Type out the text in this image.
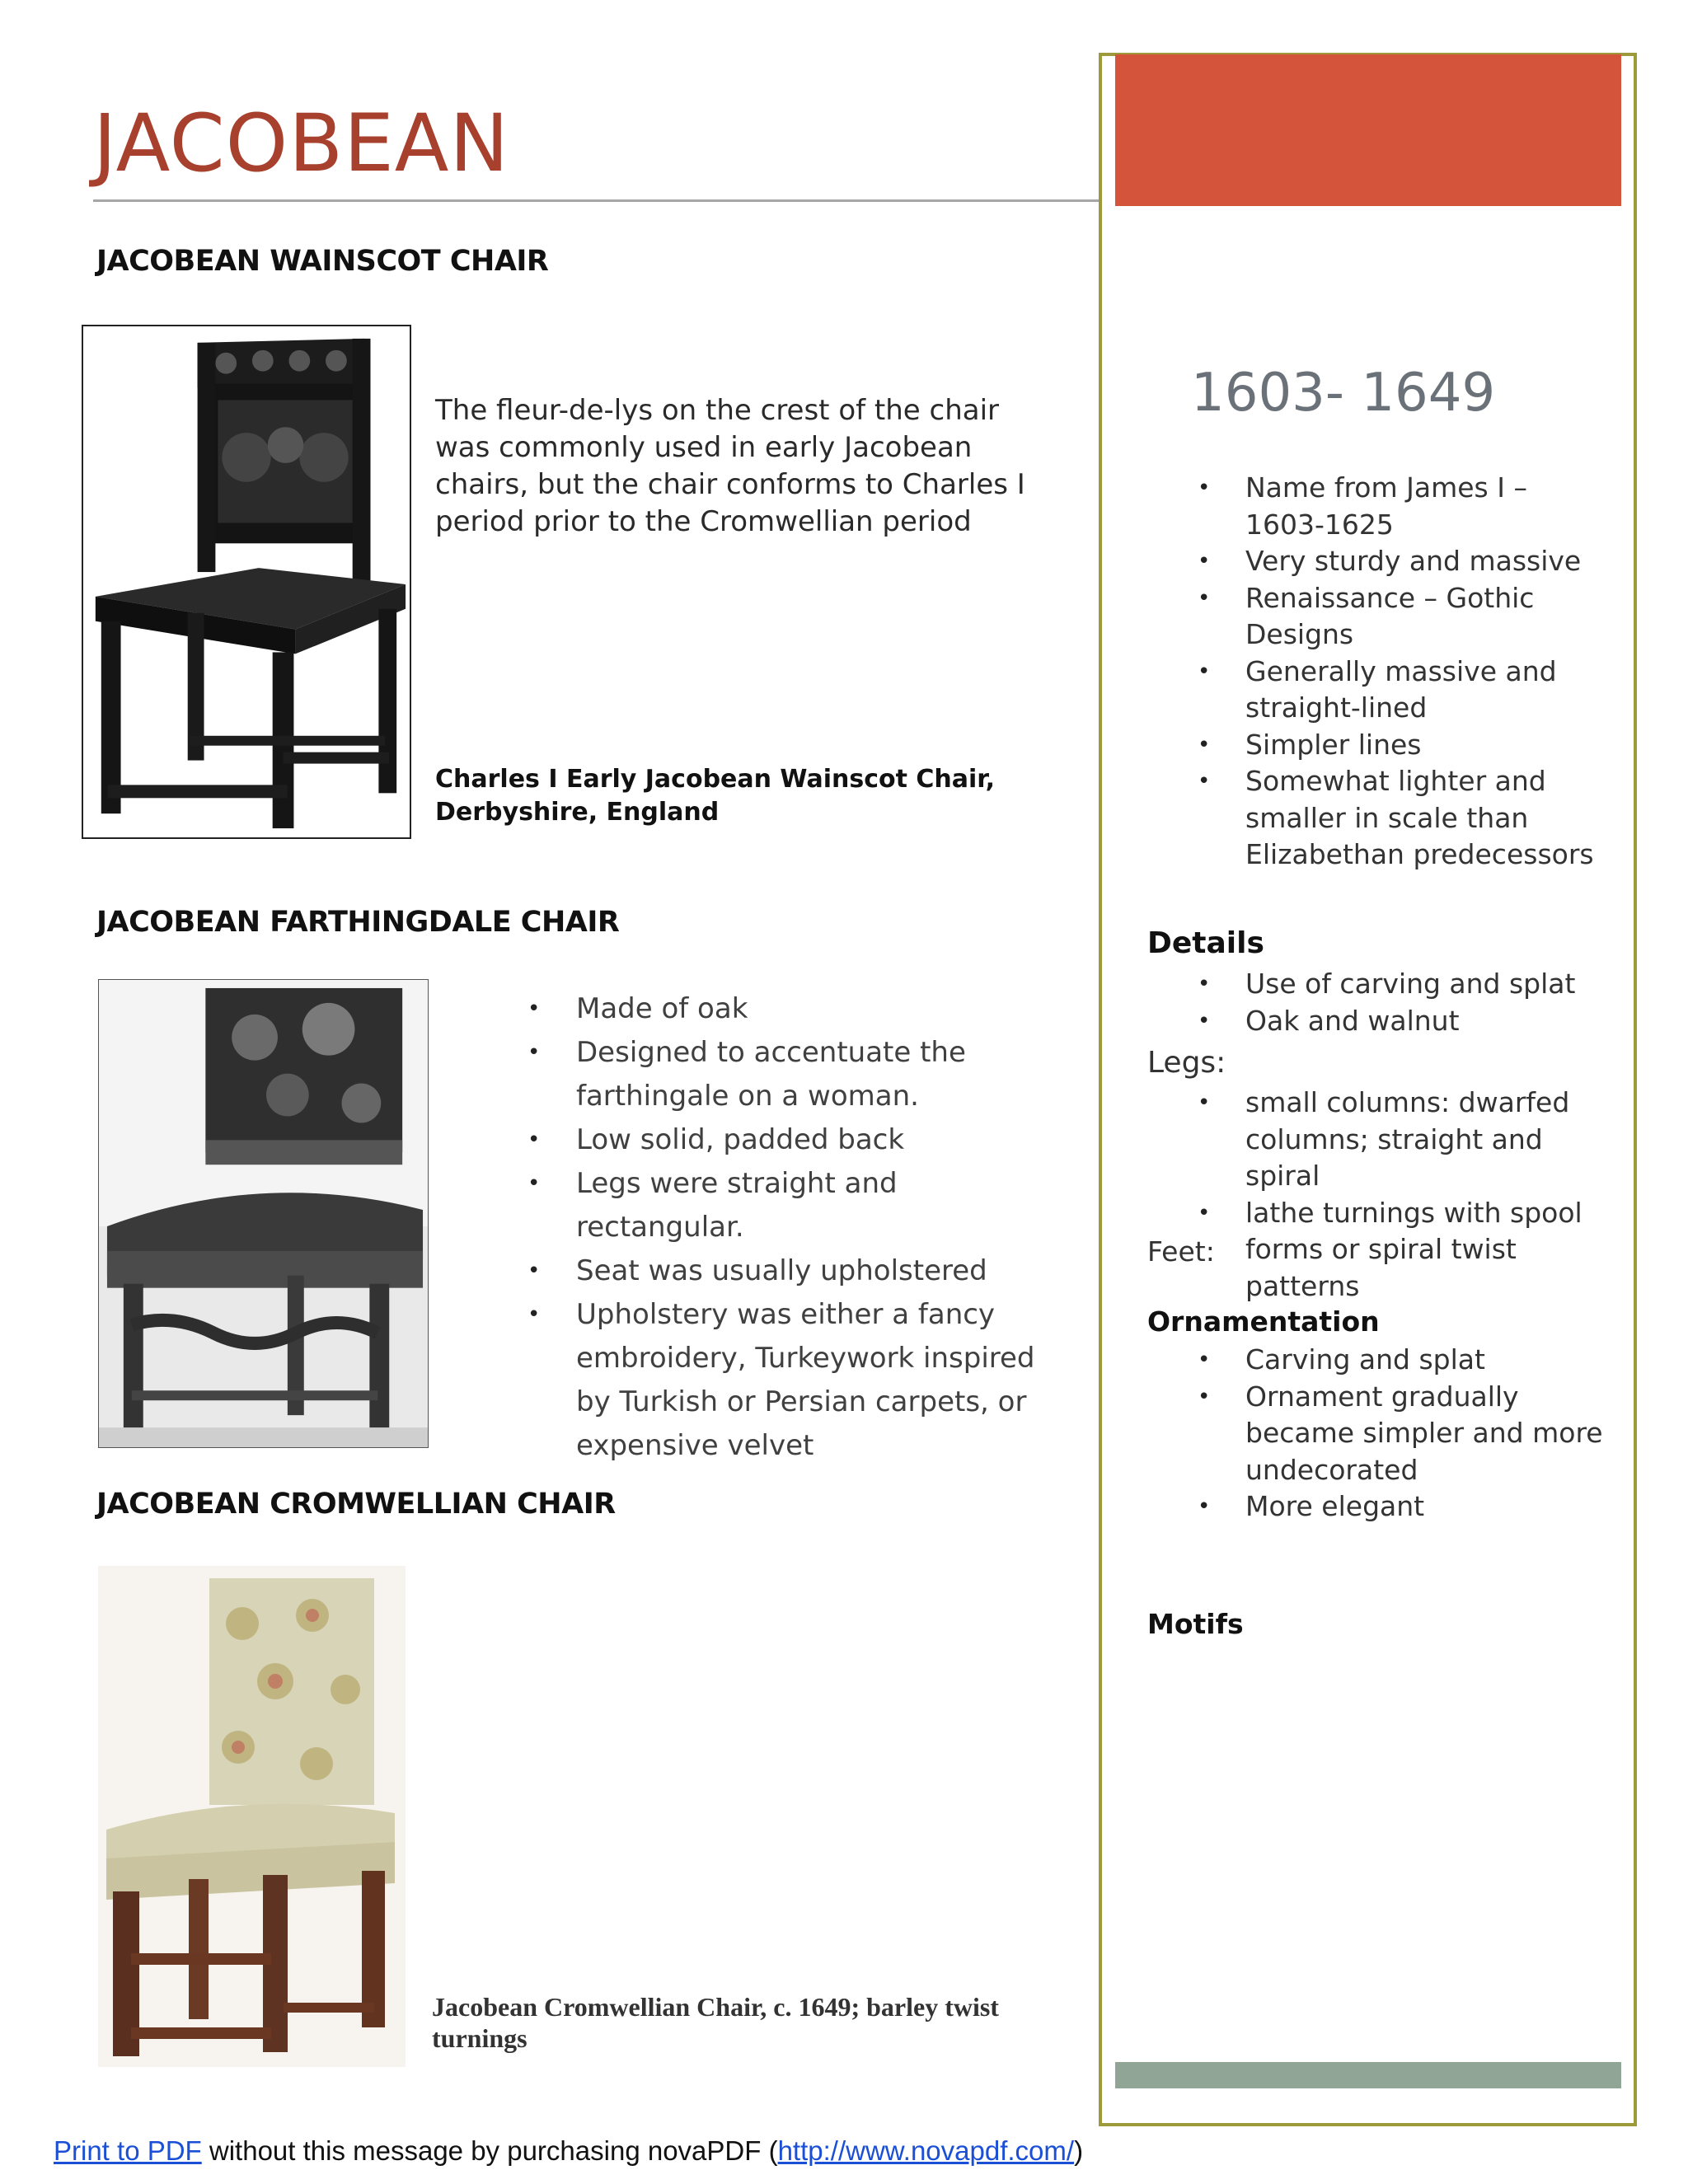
JACOBEAN
JACOBEAN WAINSCOT CHAIR
The fleur-de-lys on the crest of the chair was commonly used in early Jacobean chairs, but the chair conforms to Charles I period prior to the Cromwellian period
Charles I Early Jacobean Wainscot Chair, Derbyshire, England
JACOBEAN FARTHINGDALE CHAIR
• Made of oak
• Designed to accentuate the farthingale on a woman.
• Low solid, padded back
• Legs were straight and rectangular.
• Seat was usually upholstered
• Upholstery was either a fancy embroidery, Turkeywork inspired by Turkish or Persian carpets, or expensive velvet
JACOBEAN CROMWELLIAN CHAIR
Jacobean Cromwellian Chair, c. 1649; barley twist turnings
1603- 1649
• Name from James I – 1603-1625
• Very sturdy and massive
• Renaissance – Gothic Designs
• Generally massive and straight-lined
• Simpler lines
• Somewhat lighter and smaller in scale than Elizabethan predecessors
Details
• Use of carving and splat
• Oak and walnut
Legs:
• small columns: dwarfed columns; straight and spiral
• lathe turnings with spool forms or spiral twist patterns
Feet:
Ornamentation
• Carving and splat
• Ornament gradually became simpler and more undecorated
• More elegant
Motifs
Print to PDF without this message by purchasing novaPDF (http://www.novapdf.com/)
